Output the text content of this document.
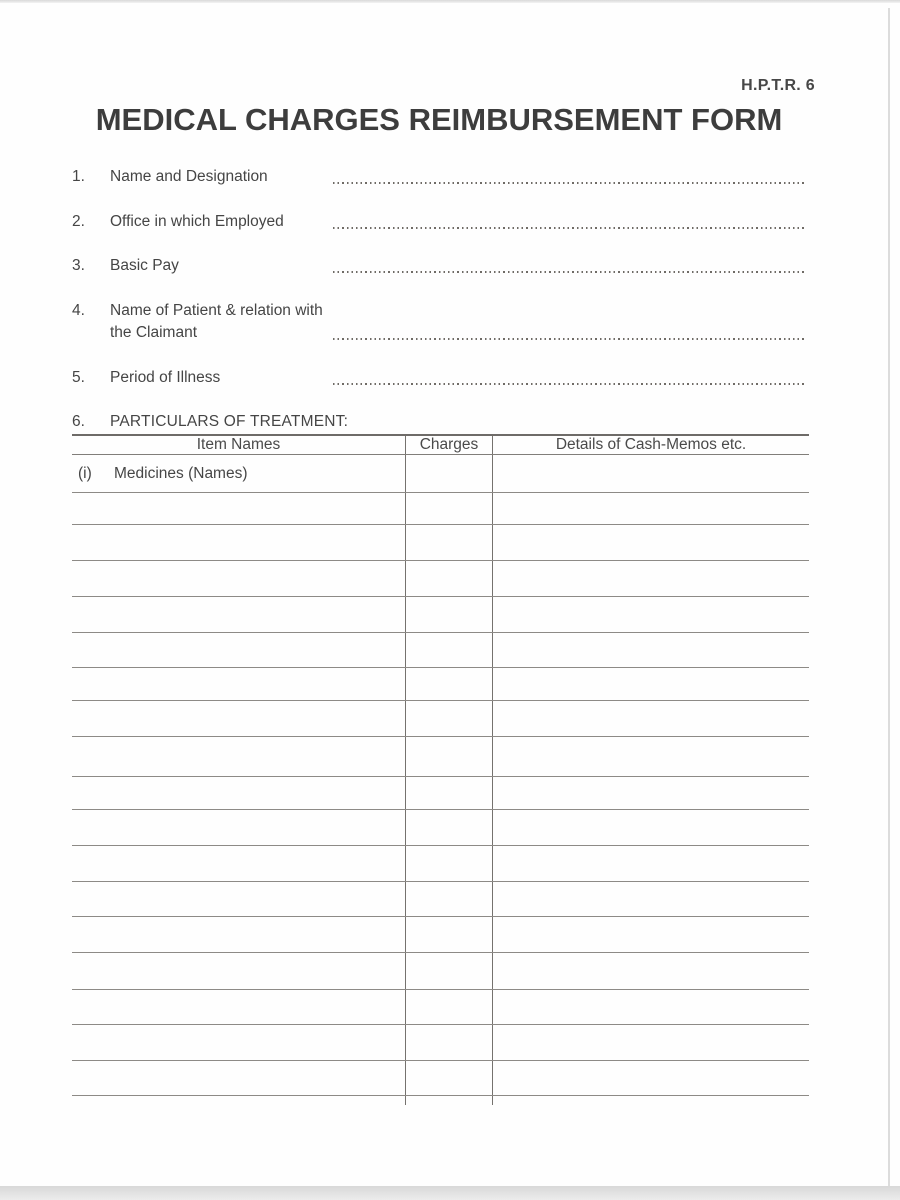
H.P.T.R. 6
MEDICAL CHARGES REIMBURSEMENT FORM
1.	Name and Designation
2.	Office in which Employed
3.	Basic Pay
4.	Name of Patient & relation with the Claimant
5.	Period of Illness
6.	PARTICULARS OF TREATMENT:
Item Names	Charges	Details of Cash-Memos etc.
(i)	Medicines (Names)
